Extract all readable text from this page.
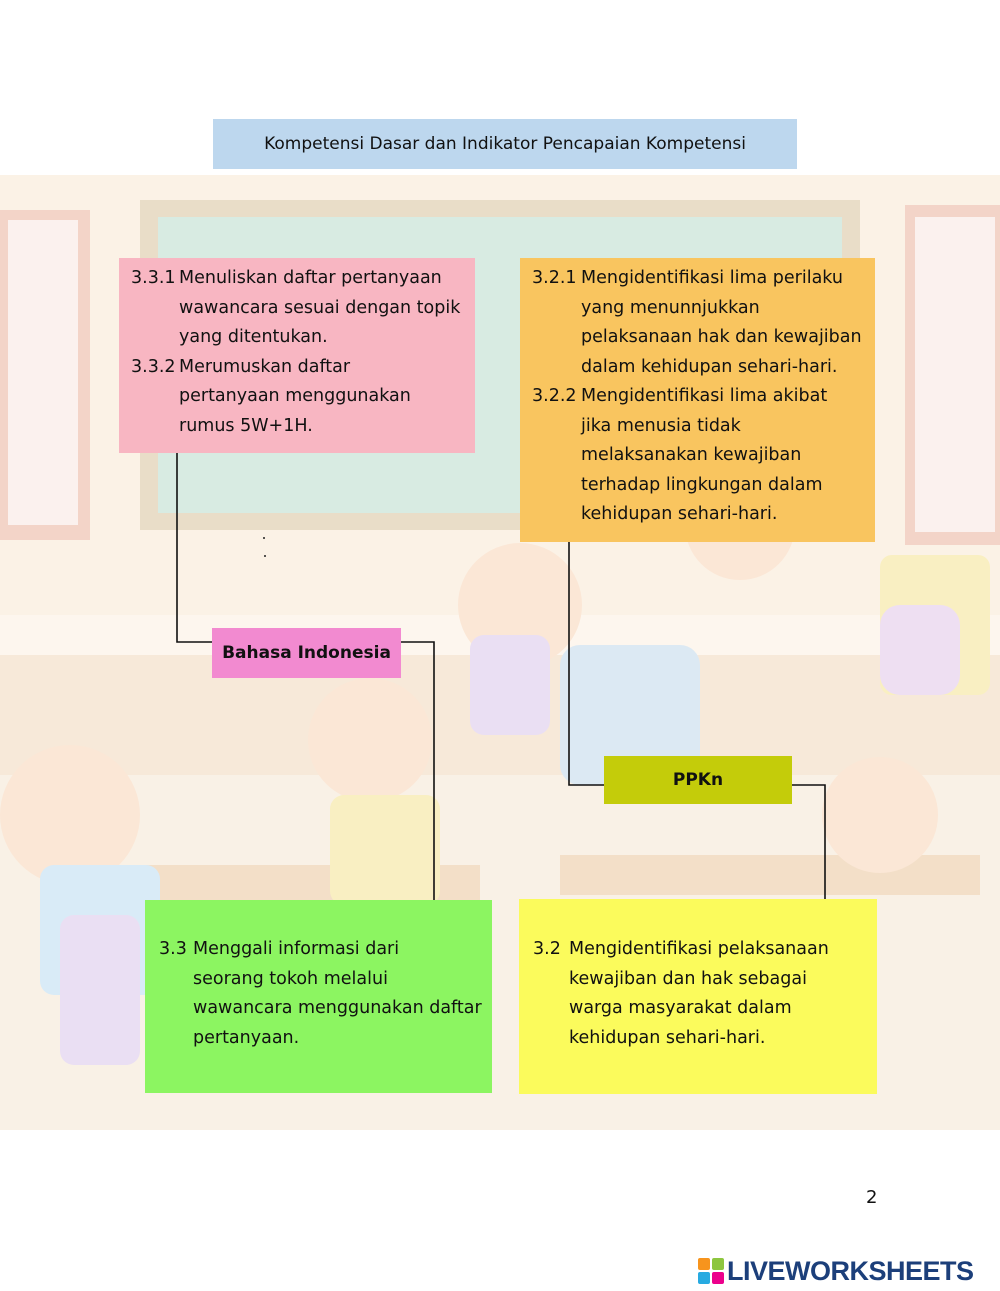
Kompetensi Dasar dan Indikator Pencapaian Kompetensi
3.3.1 Menuliskan daftar pertanyaan
wawancara sesuai dengan topik
yang ditentukan.
3.3.2 Merumuskan daftar
pertanyaan menggunakan
rumus 5W+1H.
3.2.1 Mengidentifikasi lima perilaku
yang menunnjukkan
pelaksanaan hak dan kewajiban
dalam kehidupan sehari-hari.
3.2.2 Mengidentifikasi lima akibat
jika menusia tidak
melaksanakan kewajiban
terhadap lingkungan dalam
kehidupan sehari-hari.
Bahasa Indonesia
PPKn
3.3 Menggali informasi dari
seorang tokoh melalui
wawancara menggunakan daftar
pertanyaan.
3.2 Mengidentifikasi pelaksanaan
kewajiban dan hak sebagai
warga masyarakat dalam
kehidupan sehari-hari.
2
LIVEWORKSHEETS
